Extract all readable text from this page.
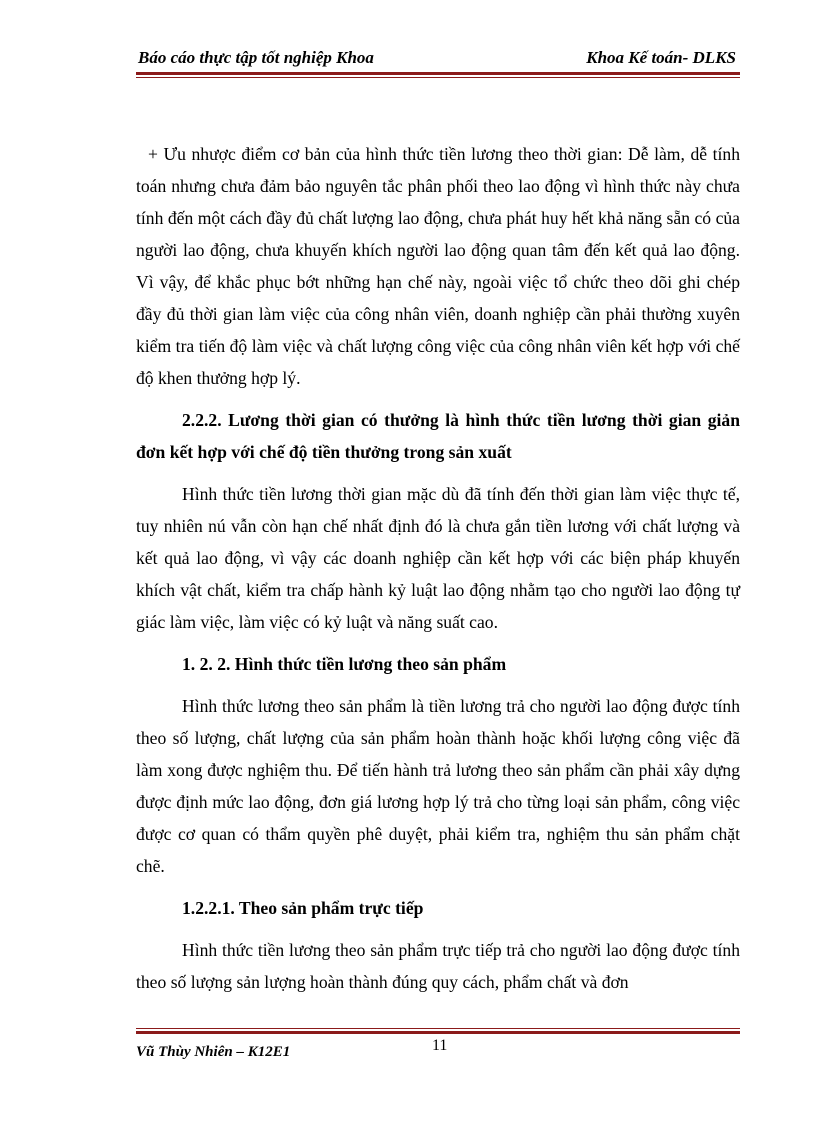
Báo cáo thực tập tốt nghiệp Khoa	Khoa Kế toán- DLKS

+ Ưu nhược điểm cơ bản của hình thức tiền lương theo thời gian: Dễ làm, dễ tính toán nhưng chưa đảm bảo nguyên tắc phân phối theo lao động vì hình thức này chưa tính đến một cách đầy đủ chất lượng lao động, chưa phát huy hết khả năng sẵn có của người lao động, chưa khuyến khích người lao động quan tâm đến kết quả lao động. Vì vậy, để khắc phục bớt những hạn chế này, ngoài việc tổ chức theo dõi ghi chép đầy đủ thời gian làm việc của công nhân viên, doanh nghiệp cần phải thường xuyên kiểm tra tiến độ làm việc và chất lượng công việc của công nhân viên kết hợp với chế độ khen thưởng hợp lý.

2.2.2. Lương thời gian có thưởng là hình thức tiền lương thời gian giản đơn kết hợp với chế độ tiền thưởng trong sản xuất

Hình thức tiền lương thời gian mặc dù đã tính đến thời gian làm việc thực tế, tuy nhiên nú vẫn còn hạn chế nhất định đó là chưa gắn tiền lương với chất lượng và kết quả lao động, vì vậy các doanh nghiệp cần kết hợp với các biện pháp khuyến khích vật chất, kiểm tra chấp hành kỷ luật lao động nhằm tạo cho người lao động tự giác làm việc, làm việc có kỷ luật và năng suất cao.

1. 2. 2. Hình thức tiền lương theo sản phẩm

Hình thức lương theo sản phẩm là tiền lương trả cho người lao động được tính theo số lượng, chất lượng của sản phẩm hoàn thành hoặc khối lượng công việc đã làm xong được nghiệm thu. Để tiến hành trả lương theo sản phẩm cần phải xây dựng được định mức lao động, đơn giá lương hợp lý trả cho từng loại sản phẩm, công việc được cơ quan có thẩm quyền phê duyệt, phải kiểm tra, nghiệm thu sản phẩm chặt chẽ.

1.2.2.1. Theo sản phẩm trực tiếp

Hình thức tiền lương theo sản phẩm trực tiếp trả cho người lao động được tính theo số lượng sản lượng hoàn thành đúng quy cách, phẩm chất và đơn

Vũ Thùy Nhiên – K12E1	11
